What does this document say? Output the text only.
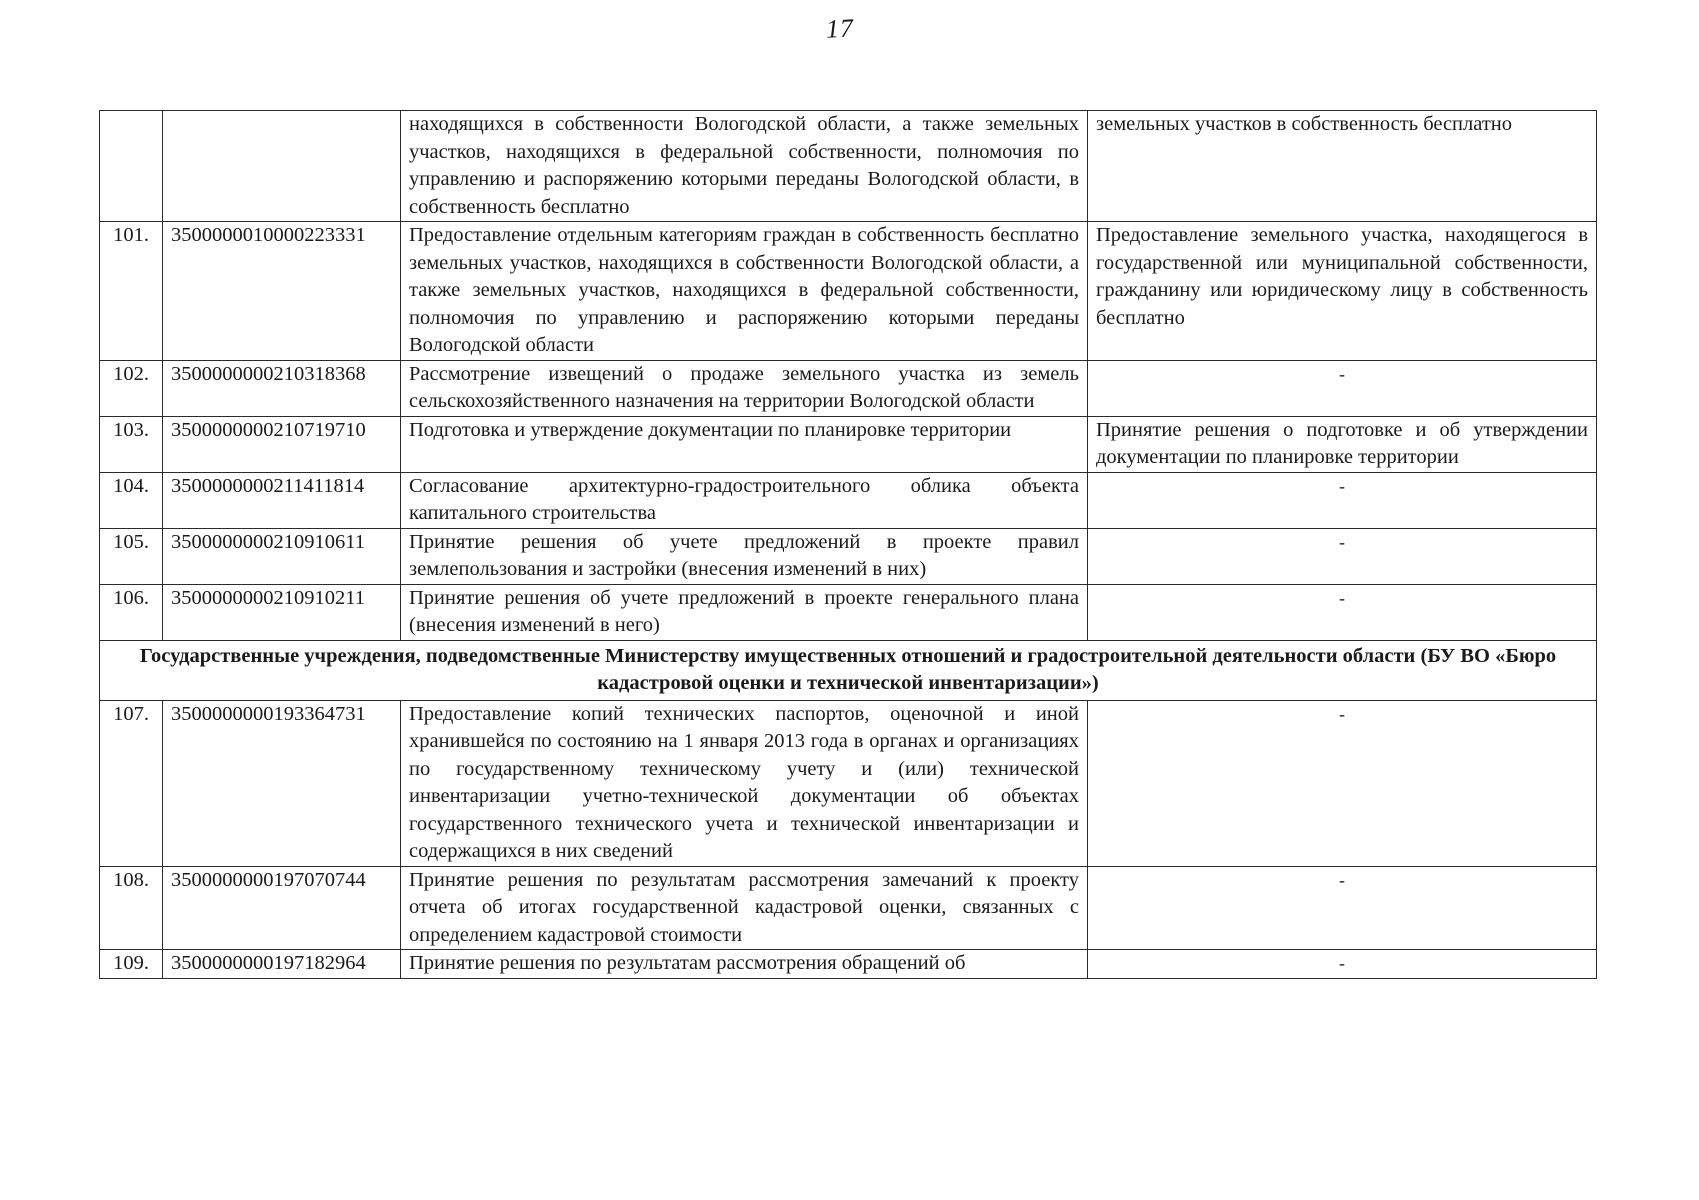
17
		находящихся в собственности Вологодской области, а также земельных участков, находящихся в федеральной собственности, полномочия по управлению и распоряжению которыми переданы Вологодской области, в собственность бесплатно	земельных участков в собственность бесплатно
101.	3500000010000223331	Предоставление отдельным категориям граждан в собственность бесплатно земельных участков, находящихся в собственности Вологодской области, а также земельных участков, находящихся в федеральной собственности, полномочия по управлению и распоряжению которыми переданы Вологодской области	Предоставление земельного участка, находящегося в государственной или муниципальной собственности, гражданину или юридическому лицу в собственность бесплатно
102.	3500000000210318368	Рассмотрение извещений о продаже земельного участка из земель сельскохозяйственного назначения на территории Вологодской области	-
103.	3500000000210719710	Подготовка и утверждение документации по планировке территории	Принятие решения о подготовке и об утверждении документации по планировке территории
104.	3500000000211411814	Согласование архитектурно-градостроительного облика объекта капитального строительства	-
105.	3500000000210910611	Принятие решения об учете предложений в проекте правил землепользования и застройки (внесения изменений в них)	-
106.	3500000000210910211	Принятие решения об учете предложений в проекте генерального плана (внесения изменений в него)	-
Государственные учреждения, подведомственные Министерству имущественных отношений и градостроительной деятельности области (БУ ВО «Бюро кадастровой оценки и технической инвентаризации»)			
107.	3500000000193364731	Предоставление копий технических паспортов, оценочной и иной хранившейся по состоянию на 1 января 2013 года в органах и организациях по государственному техническому учету и (или) технической инвентаризации учетно-технической документации об объектах государственного технического учета и технической инвентаризации и содержащихся в них сведений	-
108.	3500000000197070744	Принятие решения по результатам рассмотрения замечаний к проекту отчета об итогах государственной кадастровой оценки, связанных с определением кадастровой стоимости	-
109.	3500000000197182964	Принятие решения по результатам рассмотрения обращений об	-
